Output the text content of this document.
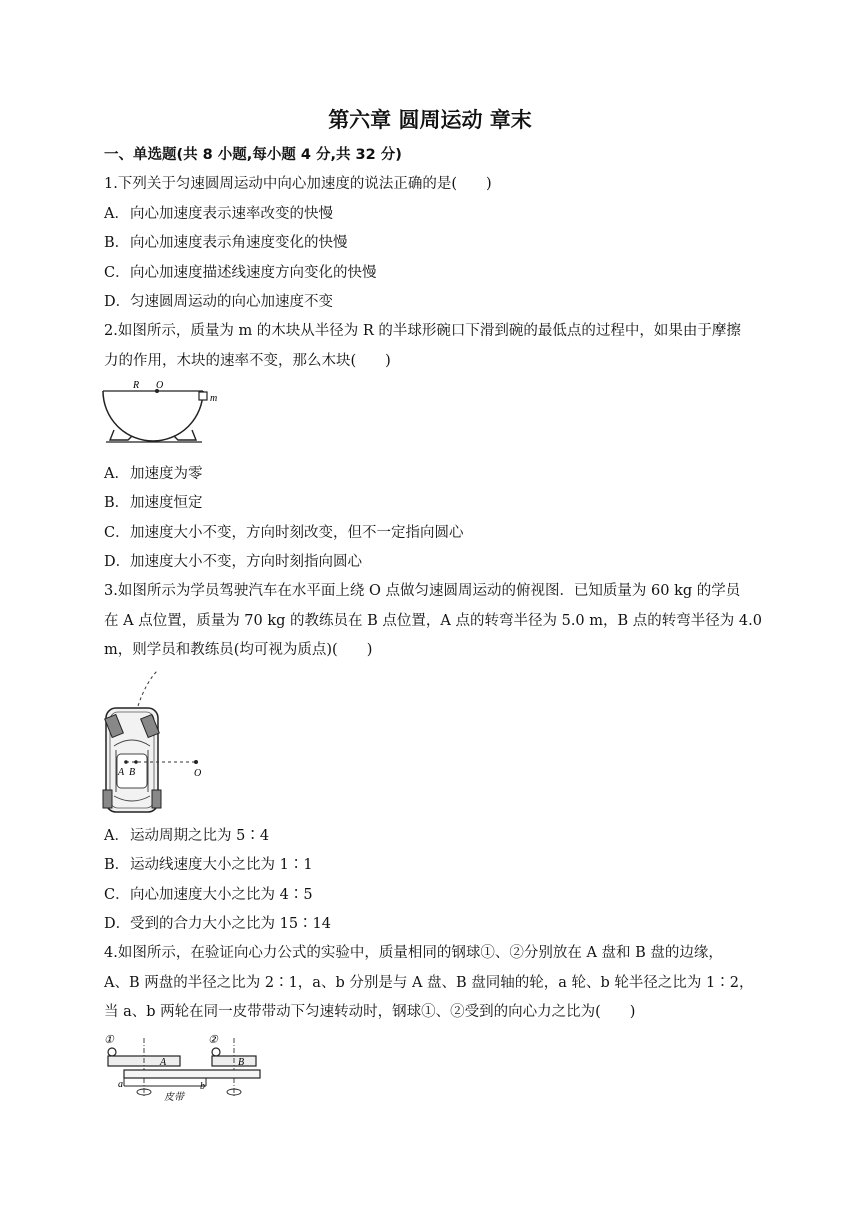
第六章 圆周运动 章末
一、单选题(共 8 小题,每小题 4 分,共 32 分)
1.下列关于匀速圆周运动中向心加速度的说法正确的是(　　)
A．向心加速度表示速率改变的快慢
B．向心加速度表示角速度变化的快慢
C．向心加速度描述线速度方向变化的快慢
D．匀速圆周运动的向心加速度不变
2.如图所示，质量为 m 的木块从半径为 R 的半球形碗口下滑到碗的最低点的过程中，如果由于摩擦
力的作用，木块的速率不变，那么木块(　　)
R O
m
A．加速度为零
B．加速度恒定
C．加速度大小不变，方向时刻改变，但不一定指向圆心
D．加速度大小不变，方向时刻指向圆心
3.如图所示为学员驾驶汽车在水平面上绕 O 点做匀速圆周运动的俯视图．已知质量为 60 kg 的学员
在 A 点位置，质量为 70 kg 的教练员在 B 点位置，A 点的转弯半径为 5.0 m，B 点的转弯半径为 4.0
m，则学员和教练员(均可视为质点)(　　)
A B	O
A．运动周期之比为 5∶4
B．运动线速度大小之比为 1∶1
C．向心加速度大小之比为 4∶5
D．受到的合力大小之比为 15∶14
4.如图所示，在验证向心力公式的实验中，质量相同的钢球①、②分别放在 A 盘和 B 盘的边缘，
A、B 两盘的半径之比为 2∶1，a、b 分别是与 A 盘、B 盘同轴的轮，a 轮、b 轮半径之比为 1∶2，
当 a、b 两轮在同一皮带带动下匀速转动时，钢球①、②受到的向心力之比为(　　)
①	②
A	B
a	b
皮带
